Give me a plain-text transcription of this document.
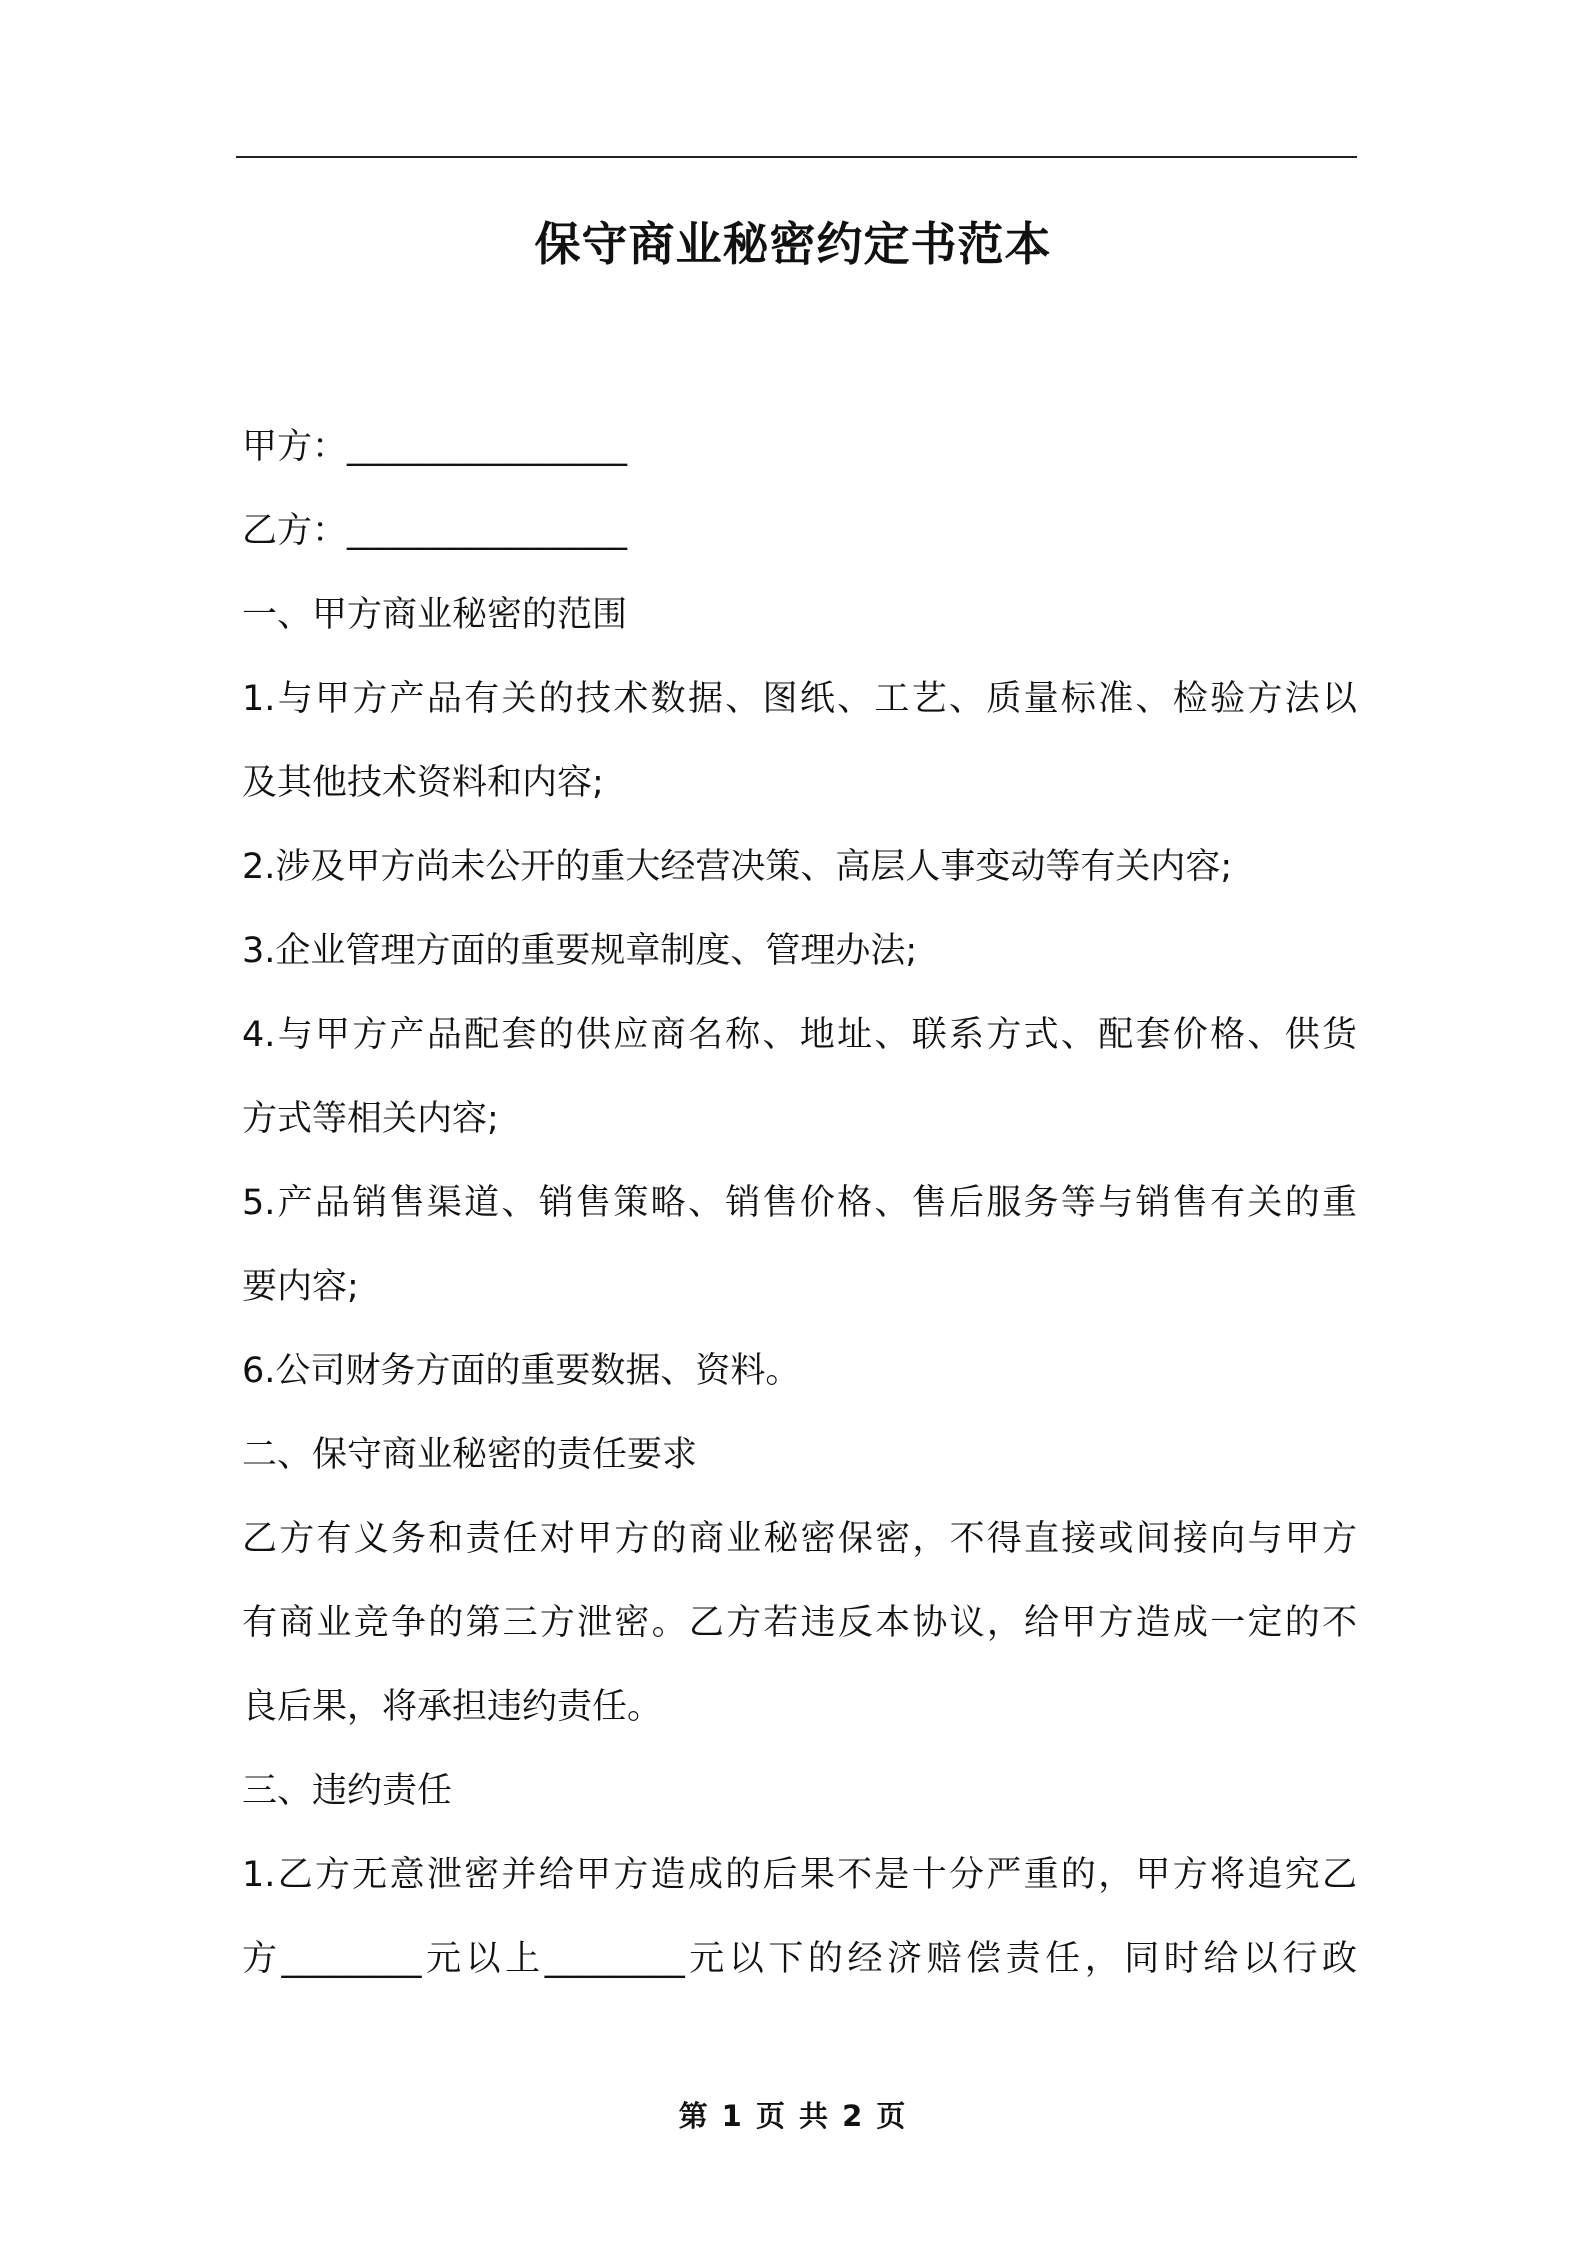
保守商业秘密约定书范本
甲方：________________
乙方：________________
一、甲方商业秘密的范围
1.与甲方产品有关的技术数据、图纸、工艺、质量标准、检验方法以
及其他技术资料和内容;
2.涉及甲方尚未公开的重大经营决策、高层人事变动等有关内容;
3.企业管理方面的重要规章制度、管理办法;
4.与甲方产品配套的供应商名称、地址、联系方式、配套价格、供货
方式等相关内容;
5.产品销售渠道、销售策略、销售价格、售后服务等与销售有关的重
要内容;
6.公司财务方面的重要数据、资料。
二、保守商业秘密的责任要求
乙方有义务和责任对甲方的商业秘密保密，不得直接或间接向与甲方
有商业竞争的第三方泄密。乙方若违反本协议，给甲方造成一定的不
良后果，将承担违约责任。
三、违约责任
1.乙方无意泄密并给甲方造成的后果不是十分严重的，甲方将追究乙
方________元以上________元以下的经济赔偿责任，同时给以行政
第 1 页 共 2 页
